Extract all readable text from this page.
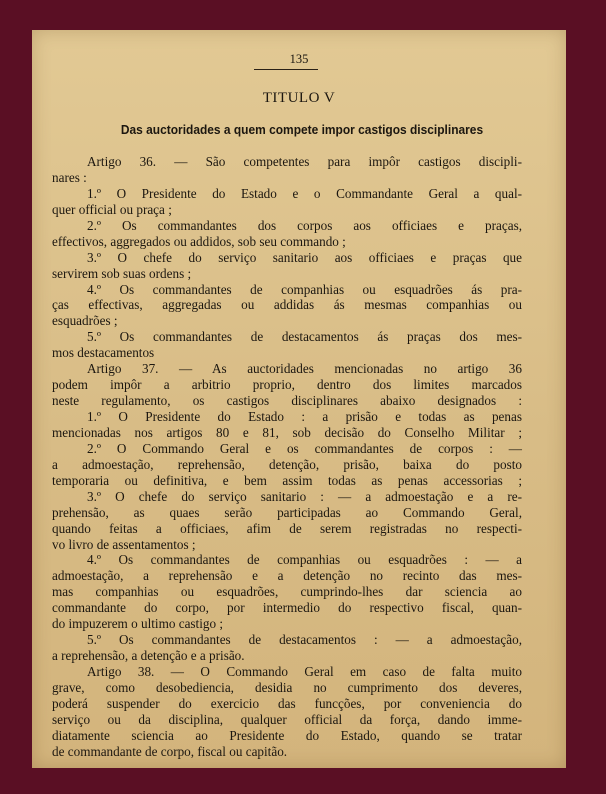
135
TITULO V
Das auctoridades a quem compete impor castigos disciplinares
Artigo 36. — São competentes para impôr castigos discipli-
nares :
1.º O Presidente do Estado e o Commandante Geral a qual-
quer official ou praça ;
2.º Os commandantes dos corpos aos officiaes e praças,
effectivos, aggregados ou addidos, sob seu commando ;
3.º O chefe do serviço sanitario aos officiaes e praças que
servirem sob suas ordens ;
4.º Os commandantes de companhias ou esquadrões ás pra-
ças effectivas, aggregadas ou addidas ás mesmas companhias ou
esquadrões ;
5.º Os commandantes de destacamentos ás praças dos mes-
mos destacamentos
Artigo 37. — As auctoridades mencionadas no artigo 36
podem impôr a arbitrio proprio, dentro dos limites marcados
neste regulamento, os castigos disciplinares abaixo designados :
1.º O Presidente do Estado : a prisão e todas as penas
mencionadas nos artigos 80 e 81, sob decisão do Conselho Militar ;
2.º O Commando Geral e os commandantes de corpos : —
a admoestação, reprehensão, detenção, prisão, baixa do posto
temporaria ou definitiva, e bem assim todas as penas accessorias ;
3.º O chefe do serviço sanitario : — a admoestação e a re-
prehensão, as quaes serão participadas ao Commando Geral,
quando feitas a officiaes, afim de serem registradas no respecti-
vo livro de assentamentos ;
4.º Os commandantes de companhias ou esquadrões : — a
admoestação, a reprehensão e a detenção no recinto das mes-
mas companhias ou esquadrões, cumprindo-lhes dar sciencia ao
commandante do corpo, por intermedio do respectivo fiscal, quan-
do impuzerem o ultimo castigo ;
5.º Os commandantes de destacamentos : — a admoestação,
a reprehensão, a detenção e a prisão.
Artigo 38. — O Commando Geral em caso de falta muito
grave, como desobediencia, desidia no cumprimento dos deveres,
poderá suspender do exercicio das funcções, por conveniencia do
serviço ou da disciplina, qualquer official da força, dando imme-
diatamente sciencia ao Presidente do Estado, quando se tratar
de commandante de corpo, fiscal ou capitão.
